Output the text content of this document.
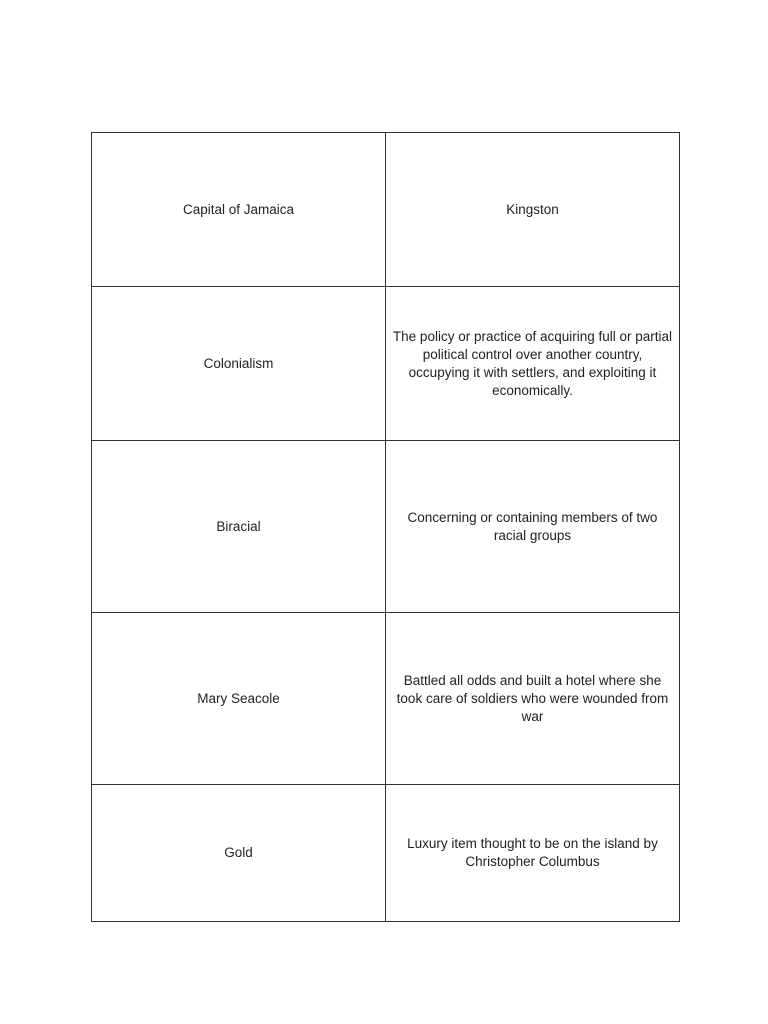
Capital of Jamaica	Kingston
Colonialism	The policy or practice of acquiring full or partial political control over another country, occupying it with settlers, and exploiting it economically.
Biracial	Concerning or containing members of two racial groups
Mary Seacole	Battled all odds and built a hotel where she took care of soldiers who were wounded from war
Gold	Luxury item thought to be on the island by Christopher Columbus
